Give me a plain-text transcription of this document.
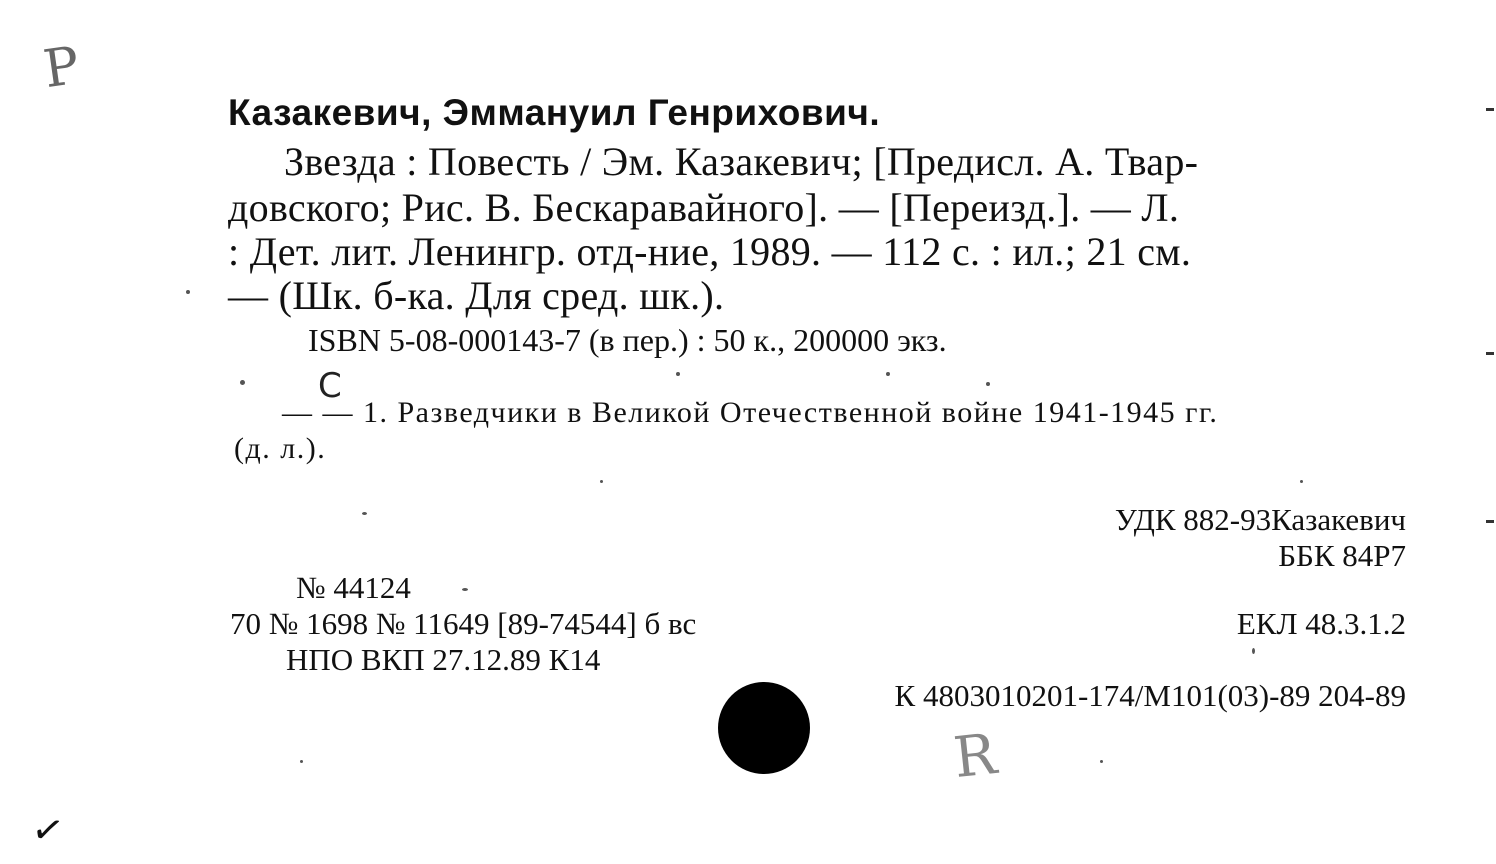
Р
С
✓
R
Казакевич, Эммануил Генрихович.
Звезда : Повесть / Эм. Казакевич; [Предисл. А. Твар-
довского; Рис. В. Бескаравайного]. — [Переизд.]. — Л.
: Дет. лит. Ленингр. отд-ние, 1989. — 112 с. : ил.; 21 см.
— (Шк. б-ка. Для сред. шк.).
ISBN 5-08-000143-7 (в пер.) : 50 к., 200000 экз.
— — 1. Разведчики в Великой Отечественной войне 1941-1945 гг.
(д. л.).
УДК 882-93Казакевич
ББК 84Р7
№ 44124
70 № 1698 № 11649 [89-74544] б вс	ЕКЛ 48.3.1.2
НПО ВКП 27.12.89 К14
К 4803010201-174/М101(03)-89 204-89
